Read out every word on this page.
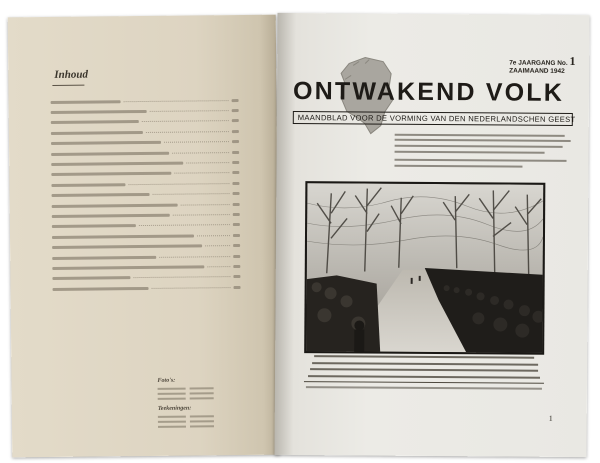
Inhoud
Foto's:
Teekeningen:
ONTWAKEND VOLK
7e JAARGANG No. 1
ZAAIMAAND 1942
MAANDBLAD VOOR DE VORMING VAN DEN NEDERLANDSCHEN GEEST
1
